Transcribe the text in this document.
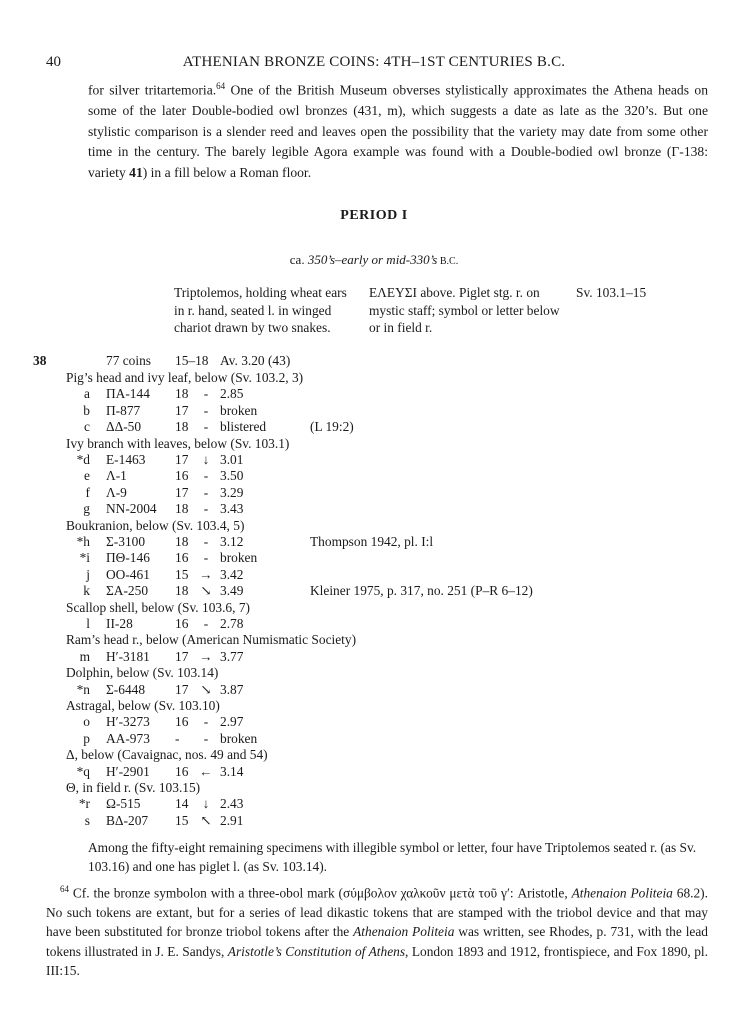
40	ATHENIAN BRONZE COINS: 4TH–1ST CENTURIES B.C.

for silver tritartemoria.$^{64}$ One of the British Museum obverses stylistically approximates the Athena heads on some of the later Double-bodied owl bronzes (431, m), which suggests a date as late as the 320’s. But one stylistic comparison is a slender reed and leaves open the possibility that the variety may date from some other time in the century. The barely legible Agora example was found with a Double-bodied owl bronze (Γ-138: variety 41) in a fill below a Roman floor.

PERIOD I
ca. 350’s–early or mid-330’s B.C.
Triptolemos, holding wheat ears in r. hand, seated l. in winged chariot drawn by two snakes.
ΕΛΕΥΣΙ above. Piglet stg. r. on mystic staff; symbol or letter below or in field r.
Sv. 103.1–15
38	77 coins 15–18 Av. 3.20 (43)
Pig’s head and ivy leaf, below (Sv. 103.2, 3)
a ΠΑ-144 18	- 2.85
b Π-877	17	- broken
c ΔΔ-50	18	- blistered	(L 19:2)
Ivy branch with leaves, below (Sv. 103.1)
*d Ε-1463 17	↓ 3.01
e Λ-1	16	- 3.50
f Λ-9	17	- 3.29
g NN-2004 18	- 3.43
Boukranion, below (Sv. 103.4, 5)
*h Σ-3100 18	- 3.12	Thompson 1942, pl. I:l
*i ΠΘ-146 16	- broken
j ΟΟ-461 15 → 3.42
k ΣΑ-250 18 ↘ 3.49	Kleiner 1975, p. 317, no. 251 (P–R 6–12)
Scallop shell, below (Sv. 103.6, 7)
l ΙΙ-28	16	- 2.78
Ram’s head r., below (American Numismatic Society)
m Η′-3181 17 → 3.77
Dolphin, below (Sv. 103.14)
*n Σ-6448 17 ↘ 3.87
Astragal, below (Sv. 103.10)
o Η′-3273 16	- 2.97
p ΑΑ-973 -	- broken
Δ, below (Cavaignac, nos. 49 and 54)
*q Η′-2901 16 ← 3.14
Θ, in field r. (Sv. 103.15)
*r Ω-515	14	↓ 2.43
s ΒΔ-207 15 ↖ 2.91

Among the fifty-eight remaining specimens with illegible symbol or letter, four have Triptolemos seated r. (as Sv. 103.16) and one has piglet l. (as Sv. 103.14).

$^{64}$ Cf. the bronze symbolon with a three-obol mark (σύμβολον χαλκοῦν μετὰ τοῦ γ′: Aristotle, Athenaion Politeia 68.2). No such tokens are extant, but for a series of lead dikastic tokens that are stamped with the triobol device and that may have been substituted for bronze triobol tokens after the Athenaion Politeia was written, see Rhodes, p. 731, with the lead tokens illustrated in J. E. Sandys, Aristotle’s Constitution of Athens, London 1893 and 1912, frontispiece, and Fox 1890, pl. III:15.
